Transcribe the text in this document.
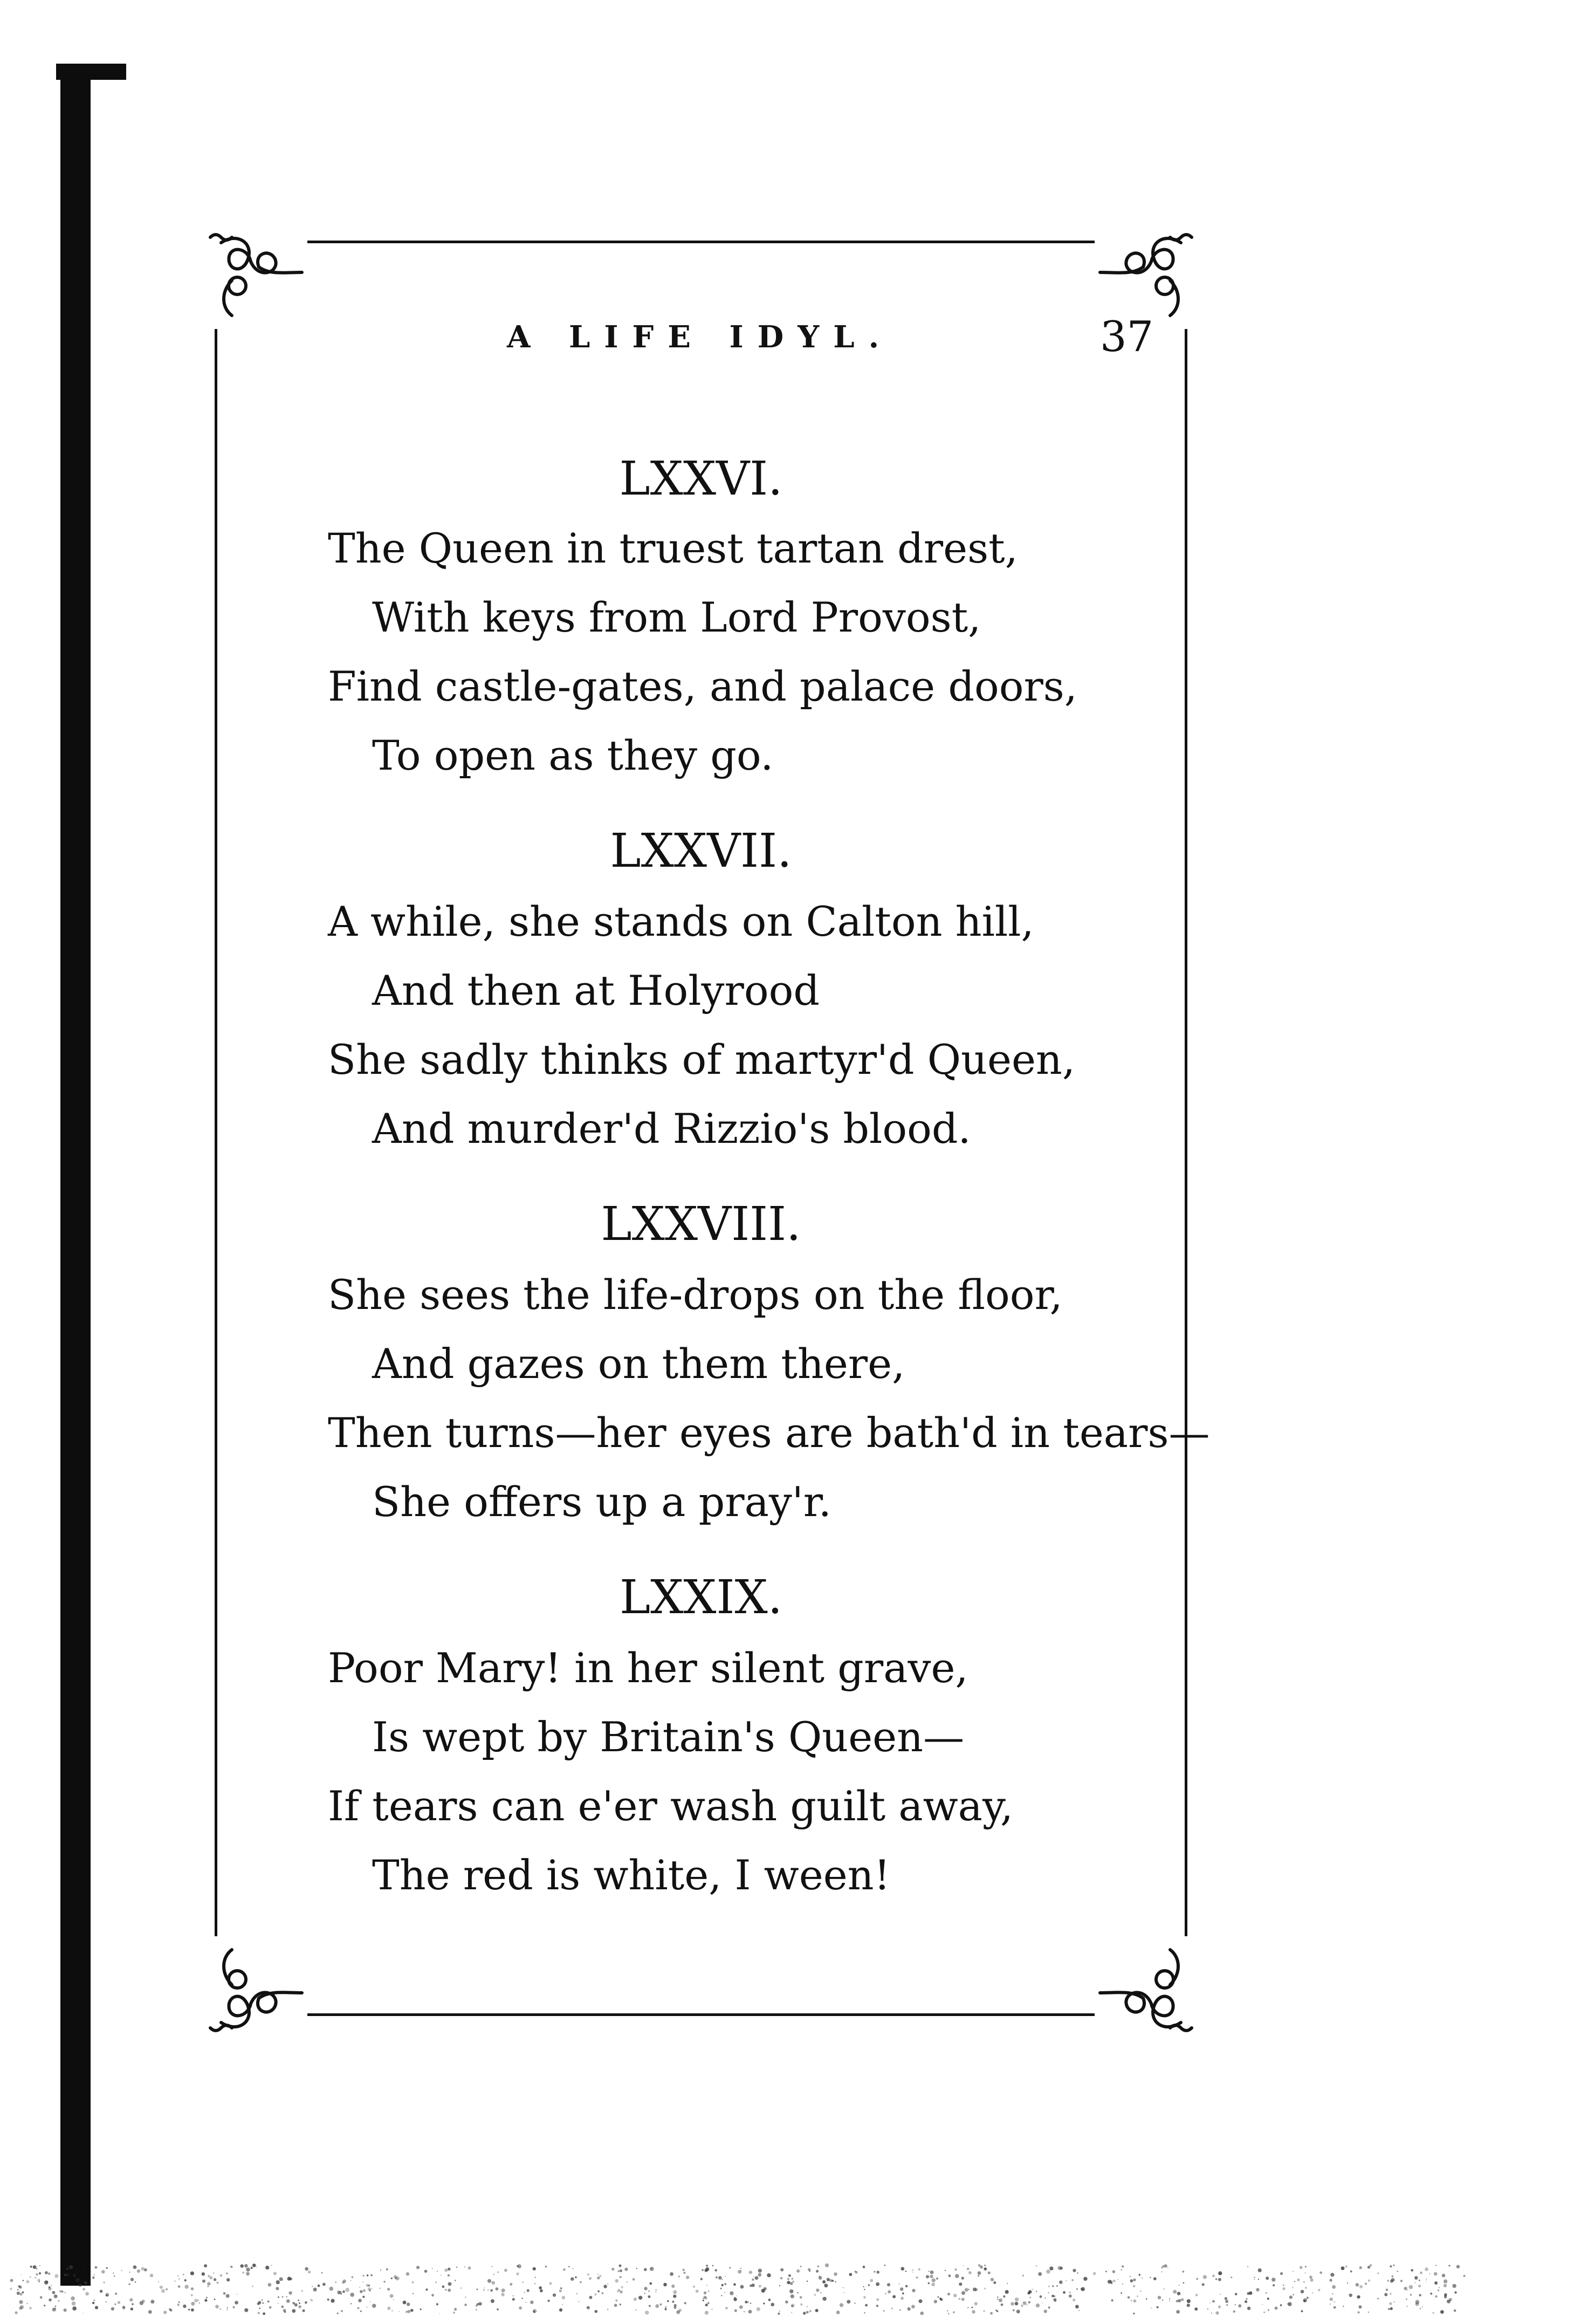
A LIFE IDYL.	37
LXXVI.
The Queen in truest tartan drest,
With keys from Lord Provost,
Find castle-gates, and palace doors,
To open as they go.
LXXVII.
A while, she stands on Calton hill,
And then at Holyrood
She sadly thinks of martyr'd Queen,
And murder'd Rizzio's blood.
LXXVIII.
She sees the life-drops on the floor,
And gazes on them there,
Then turns—her eyes are bath'd in tears—
She offers up a pray'r.
LXXIX.
Poor Mary! in her silent grave,
Is wept by Britain's Queen—
If tears can e'er wash guilt away,
The red is white, I ween!
